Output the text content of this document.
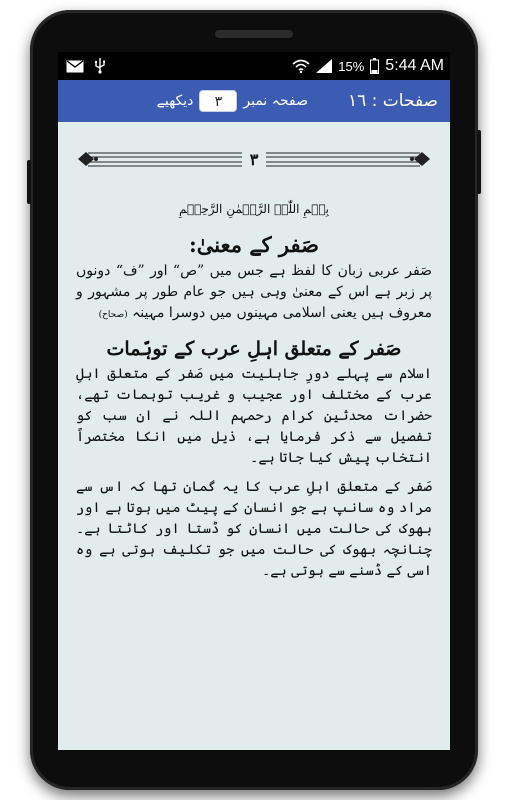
15% 5:44 AM
صفحات : ۱٦
صفحہ نمبر
۳
دیکھیے
۳
بِسۡمِ اللّٰہِ الرَّحۡمٰنِ الرَّحِیۡمِ
صَفر کے معنیٰ:

صَفر عربی زبان کا لفظ ہے جس میں ”ص“ اور ”ف“ دونوں پر زبر ہے اس کے معنیٰ وہی ہیں جو عام طور پر مشہور و معروف ہیں یعنی اسلامی مہینوں میں دوسرا مہینہ (صحاح)

صَفر کے متعلق اہلِ عرب کے توہّمات

اسلام سے پہلے دورِ جاہلیت میں صَفر کے متعلق اہلِ عرب کے مختلف اور عجیب و غریب توہمات تھے، حضرات محدثین کرام رحمہم اللہ نے ان سب کو تفصیل سے ذکر فرمایا ہے، ذیل میں انکا مختصراً انتخاب پیش کیا جاتا ہے۔

صَفر کے متعلق اہلِ عرب کا یہ گمان تھا کہ اس سے مراد وہ سانپ ہے جو انسان کے پیٹ میں ہوتا ہے اور بھوک کی حالت میں انسان کو ڈستا اور کاٹتا ہے۔ چنانچہ بھوک کی حالت میں جو تکلیف ہوتی ہے وہ اسی کے ڈسنے سے ہوتی ہے۔
